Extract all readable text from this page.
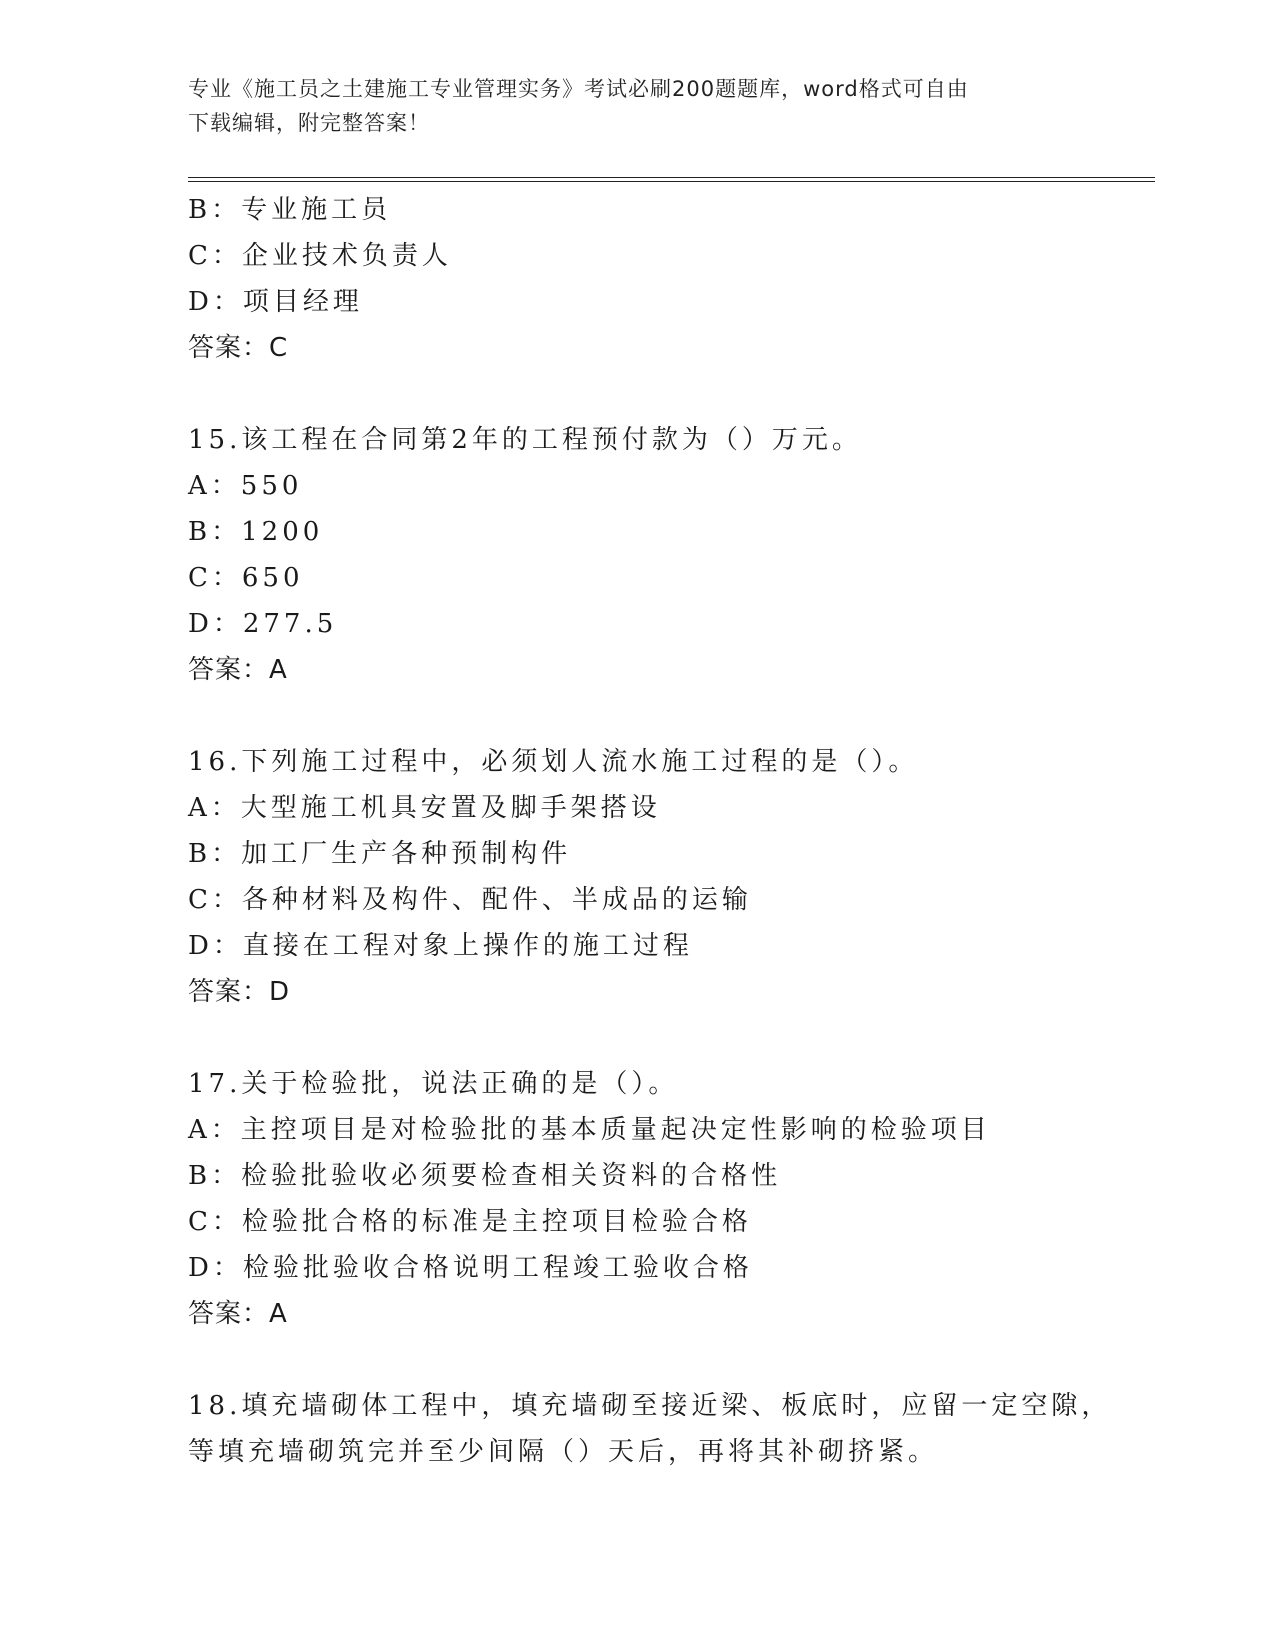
专业《施工员之土建施工专业管理实务》考试必刷200题题库，word格式可自由
下载编辑，附完整答案！
B：专业施工员
C：企业技术负责人
D：项目经理
答案：C
15.该工程在合同第2年的工程预付款为（）万元。
A：550
B：1200
C：650
D：277.5
答案：A
16.下列施工过程中，必须划人流水施工过程的是（）。
A：大型施工机具安置及脚手架搭设
B：加工厂生产各种预制构件
C：各种材料及构件、配件、半成品的运输
D：直接在工程对象上操作的施工过程
答案：D
17.关于检验批，说法正确的是（）。
A：主控项目是对检验批的基本质量起决定性影响的检验项目
B：检验批验收必须要检查相关资料的合格性
C：检验批合格的标准是主控项目检验合格
D：检验批验收合格说明工程竣工验收合格
答案：A
18.填充墙砌体工程中，填充墙砌至接近梁、板底时，应留一定空隙，
等填充墙砌筑完并至少间隔（）天后，再将其补砌挤紧。
